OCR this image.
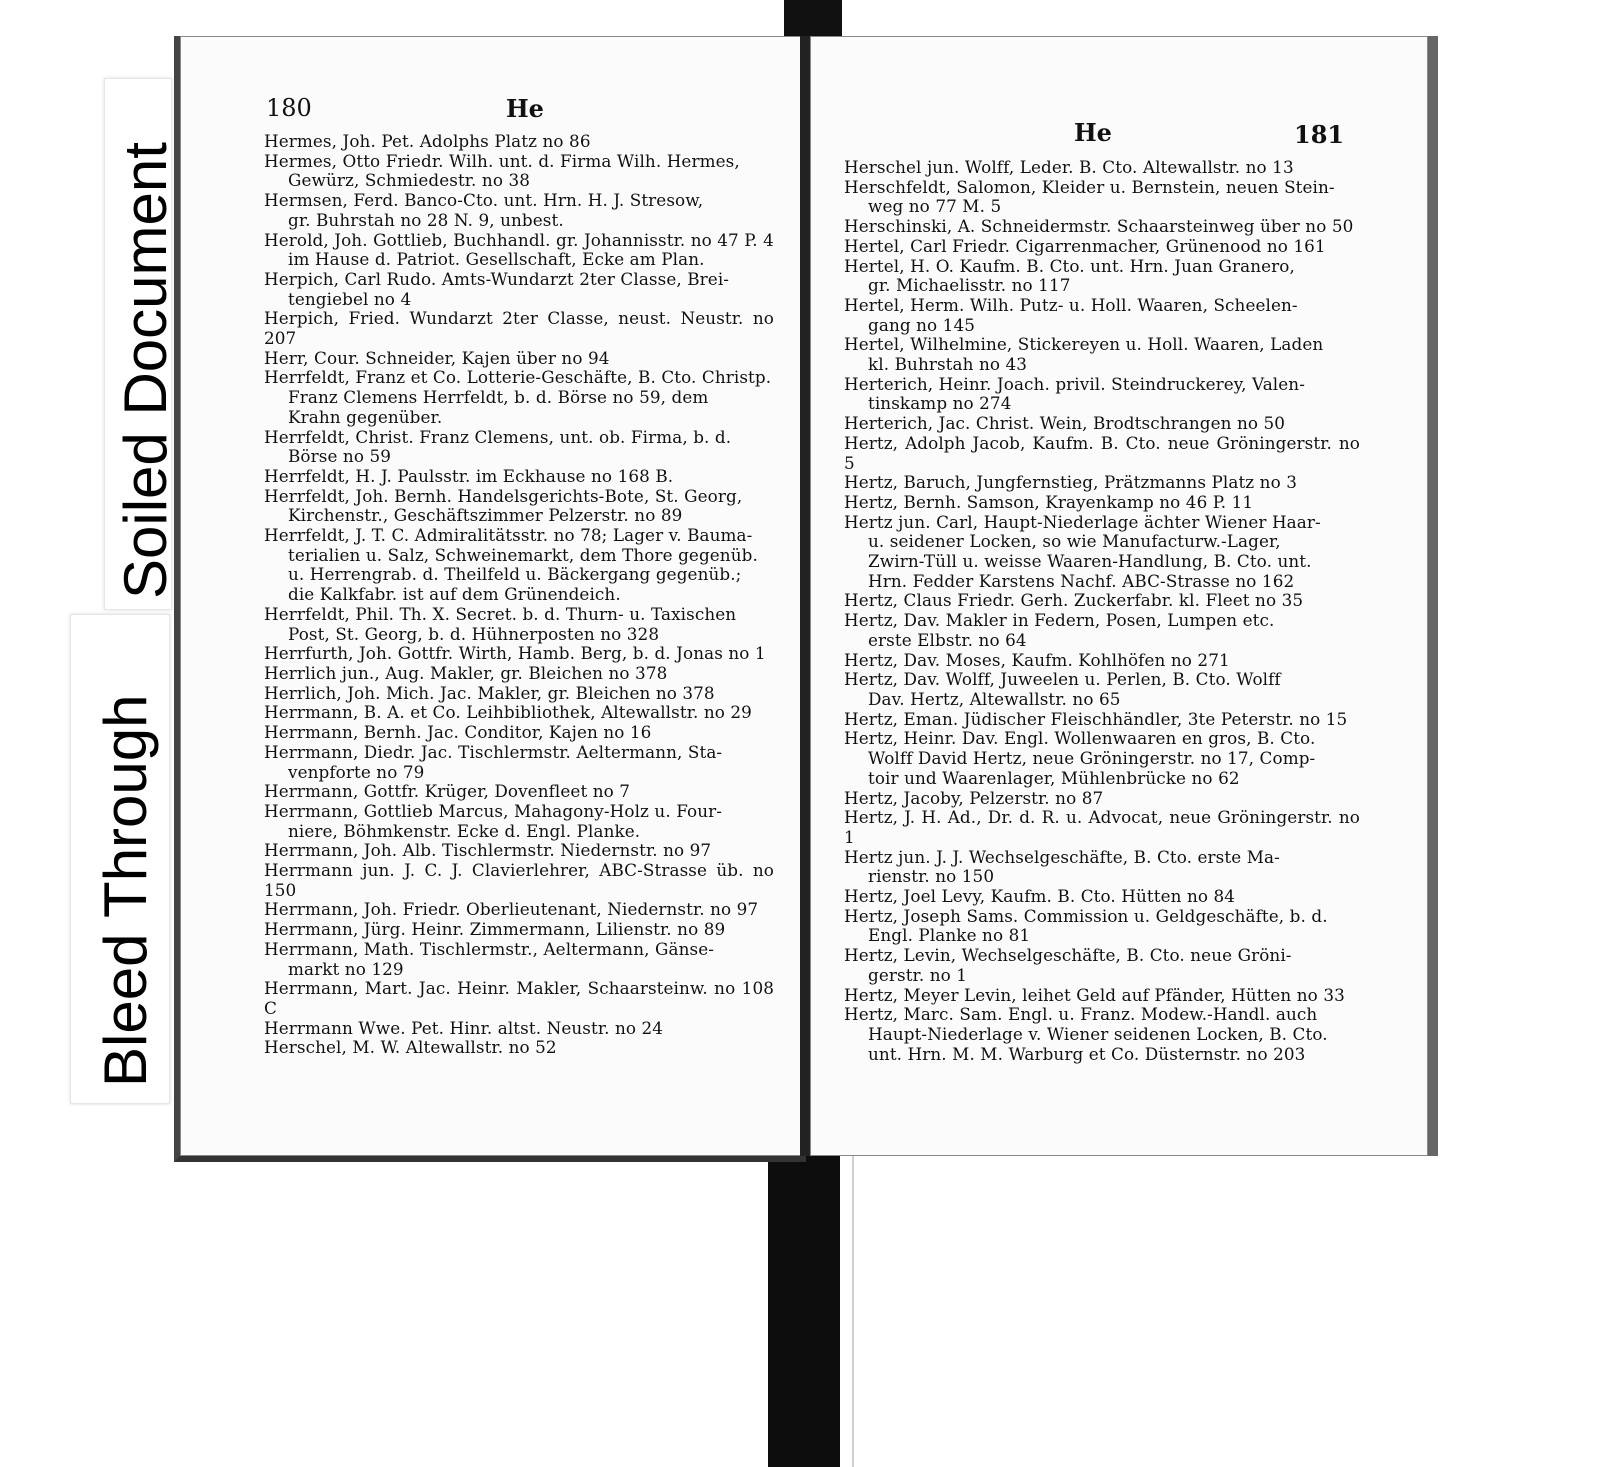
180	He
Hermes, Joh. Pet. Adolphs Platz no 86
Hermes, Otto Friedr. Wilh. unt. d. Firma Wilh. Hermes,
Gewürz, Schmiedestr. no 38
Hermsen, Ferd. Banco-Cto. unt. Hrn. H. J. Stresow,
gr. Buhrstah no 28 N. 9, unbest.
Herold, Joh. Gottlieb, Buchhandl. gr. Johannisstr. no 47 P. 4
im Hause d. Patriot. Gesellschaft, Ecke am Plan.
Herpich, Carl Rudo. Amts-Wundarzt 2ter Classe, Brei-
tengiebel no 4
Herpich, Fried. Wundarzt 2ter Classe, neust. Neustr. no 207
Herr, Cour. Schneider, Kajen über no 94
Herrfeldt, Franz et Co. Lotterie-Geschäfte, B. Cto. Christp.
Franz Clemens Herrfeldt, b. d. Börse no 59, dem
Krahn gegenüber.
Herrfeldt, Christ. Franz Clemens, unt. ob. Firma, b. d.
Börse no 59
Herrfeldt, H. J. Paulsstr. im Eckhause no 168 B.
Herrfeldt, Joh. Bernh. Handelsgerichts-Bote, St. Georg,
Kirchenstr., Geschäftszimmer Pelzerstr. no 89
Herrfeldt, J. T. C. Admiralitätsstr. no 78; Lager v. Bauma-
terialien u. Salz, Schweinemarkt, dem Thore gegenüb.
u. Herrengrab. d. Theilfeld u. Bäckergang gegenüb.;
die Kalkfabr. ist auf dem Grünendeich.
Herrfeldt, Phil. Th. X. Secret. b. d. Thurn- u. Taxischen
Post, St. Georg, b. d. Hühnerposten no 328
Herrfurth, Joh. Gottfr. Wirth, Hamb. Berg, b. d. Jonas no 1
Herrlich jun., Aug. Makler, gr. Bleichen no 378
Herrlich, Joh. Mich. Jac. Makler, gr. Bleichen no 378
Herrmann, B. A. et Co. Leihbibliothek, Altewallstr. no 29
Herrmann, Bernh. Jac. Conditor, Kajen no 16
Herrmann, Diedr. Jac. Tischlermstr. Aeltermann, Sta-
venpforte no 79
Herrmann, Gottfr. Krüger, Dovenfleet no 7
Herrmann, Gottlieb Marcus, Mahagony-Holz u. Four-
niere, Böhmkenstr. Ecke d. Engl. Planke.
Herrmann, Joh. Alb. Tischlermstr. Niedernstr. no 97
Herrmann jun. J. C. J. Clavierlehrer, ABC-Strasse üb. no 150
Herrmann, Joh. Friedr. Oberlieutenant, Niedernstr. no 97
Herrmann, Jürg. Heinr. Zimmermann, Lilienstr. no 89
Herrmann, Math. Tischlermstr., Aeltermann, Gänse-
markt no 129
Herrmann, Mart. Jac. Heinr. Makler, Schaarsteinw. no 108 C
Herrmann Wwe. Pet. Hinr. altst. Neustr. no 24
Herschel, M. W. Altewallstr. no 52
He	181
Herschel jun. Wolff, Leder. B. Cto. Altewallstr. no 13
Herschfeldt, Salomon, Kleider u. Bernstein, neuen Stein-
weg no 77 M. 5
Herschinski, A. Schneidermstr. Schaarsteinweg über no 50
Hertel, Carl Friedr. Cigarrenmacher, Grünenood no 161
Hertel, H. O. Kaufm. B. Cto. unt. Hrn. Juan Granero,
gr. Michaelisstr. no 117
Hertel, Herm. Wilh. Putz- u. Holl. Waaren, Scheelen-
gang no 145
Hertel, Wilhelmine, Stickereyen u. Holl. Waaren, Laden
kl. Buhrstah no 43
Herterich, Heinr. Joach. privil. Steindruckerey, Valen-
tinskamp no 274
Herterich, Jac. Christ. Wein, Brodtschrangen no 50
Hertz, Adolph Jacob, Kaufm. B. Cto. neue Gröningerstr. no 5
Hertz, Baruch, Jungfernstieg, Prätzmanns Platz no 3
Hertz, Bernh. Samson, Krayenkamp no 46 P. 11
Hertz jun. Carl, Haupt-Niederlage ächter Wiener Haar-
u. seidener Locken, so wie Manufacturw.-Lager,
Zwirn-Tüll u. weisse Waaren-Handlung, B. Cto. unt.
Hrn. Fedder Karstens Nachf. ABC-Strasse no 162
Hertz, Claus Friedr. Gerh. Zuckerfabr. kl. Fleet no 35
Hertz, Dav. Makler in Federn, Posen, Lumpen etc.
erste Elbstr. no 64
Hertz, Dav. Moses, Kaufm. Kohlhöfen no 271
Hertz, Dav. Wolff, Juweelen u. Perlen, B. Cto. Wolff
Dav. Hertz, Altewallstr. no 65
Hertz, Eman. Jüdischer Fleischhändler, 3te Peterstr. no 15
Hertz, Heinr. Dav. Engl. Wollenwaaren en gros, B. Cto.
Wolff David Hertz, neue Gröningerstr. no 17, Comp-
toir und Waarenlager, Mühlenbrücke no 62
Hertz, Jacoby, Pelzerstr. no 87
Hertz, J. H. Ad., Dr. d. R. u. Advocat, neue Gröningerstr. no 1
Hertz jun. J. J. Wechselgeschäfte, B. Cto. erste Ma-
rienstr. no 150
Hertz, Joel Levy, Kaufm. B. Cto. Hütten no 84
Hertz, Joseph Sams. Commission u. Geldgeschäfte, b. d.
Engl. Planke no 81
Hertz, Levin, Wechselgeschäfte, B. Cto. neue Gröni-
gerstr. no 1
Hertz, Meyer Levin, leihet Geld auf Pfänder, Hütten no 33
Hertz, Marc. Sam. Engl. u. Franz. Modew.-Handl. auch
Haupt-Niederlage v. Wiener seidenen Locken, B. Cto.
unt. Hrn. M. M. Warburg et Co. Düsternstr. no 203
Soiled Document
Bleed Through
